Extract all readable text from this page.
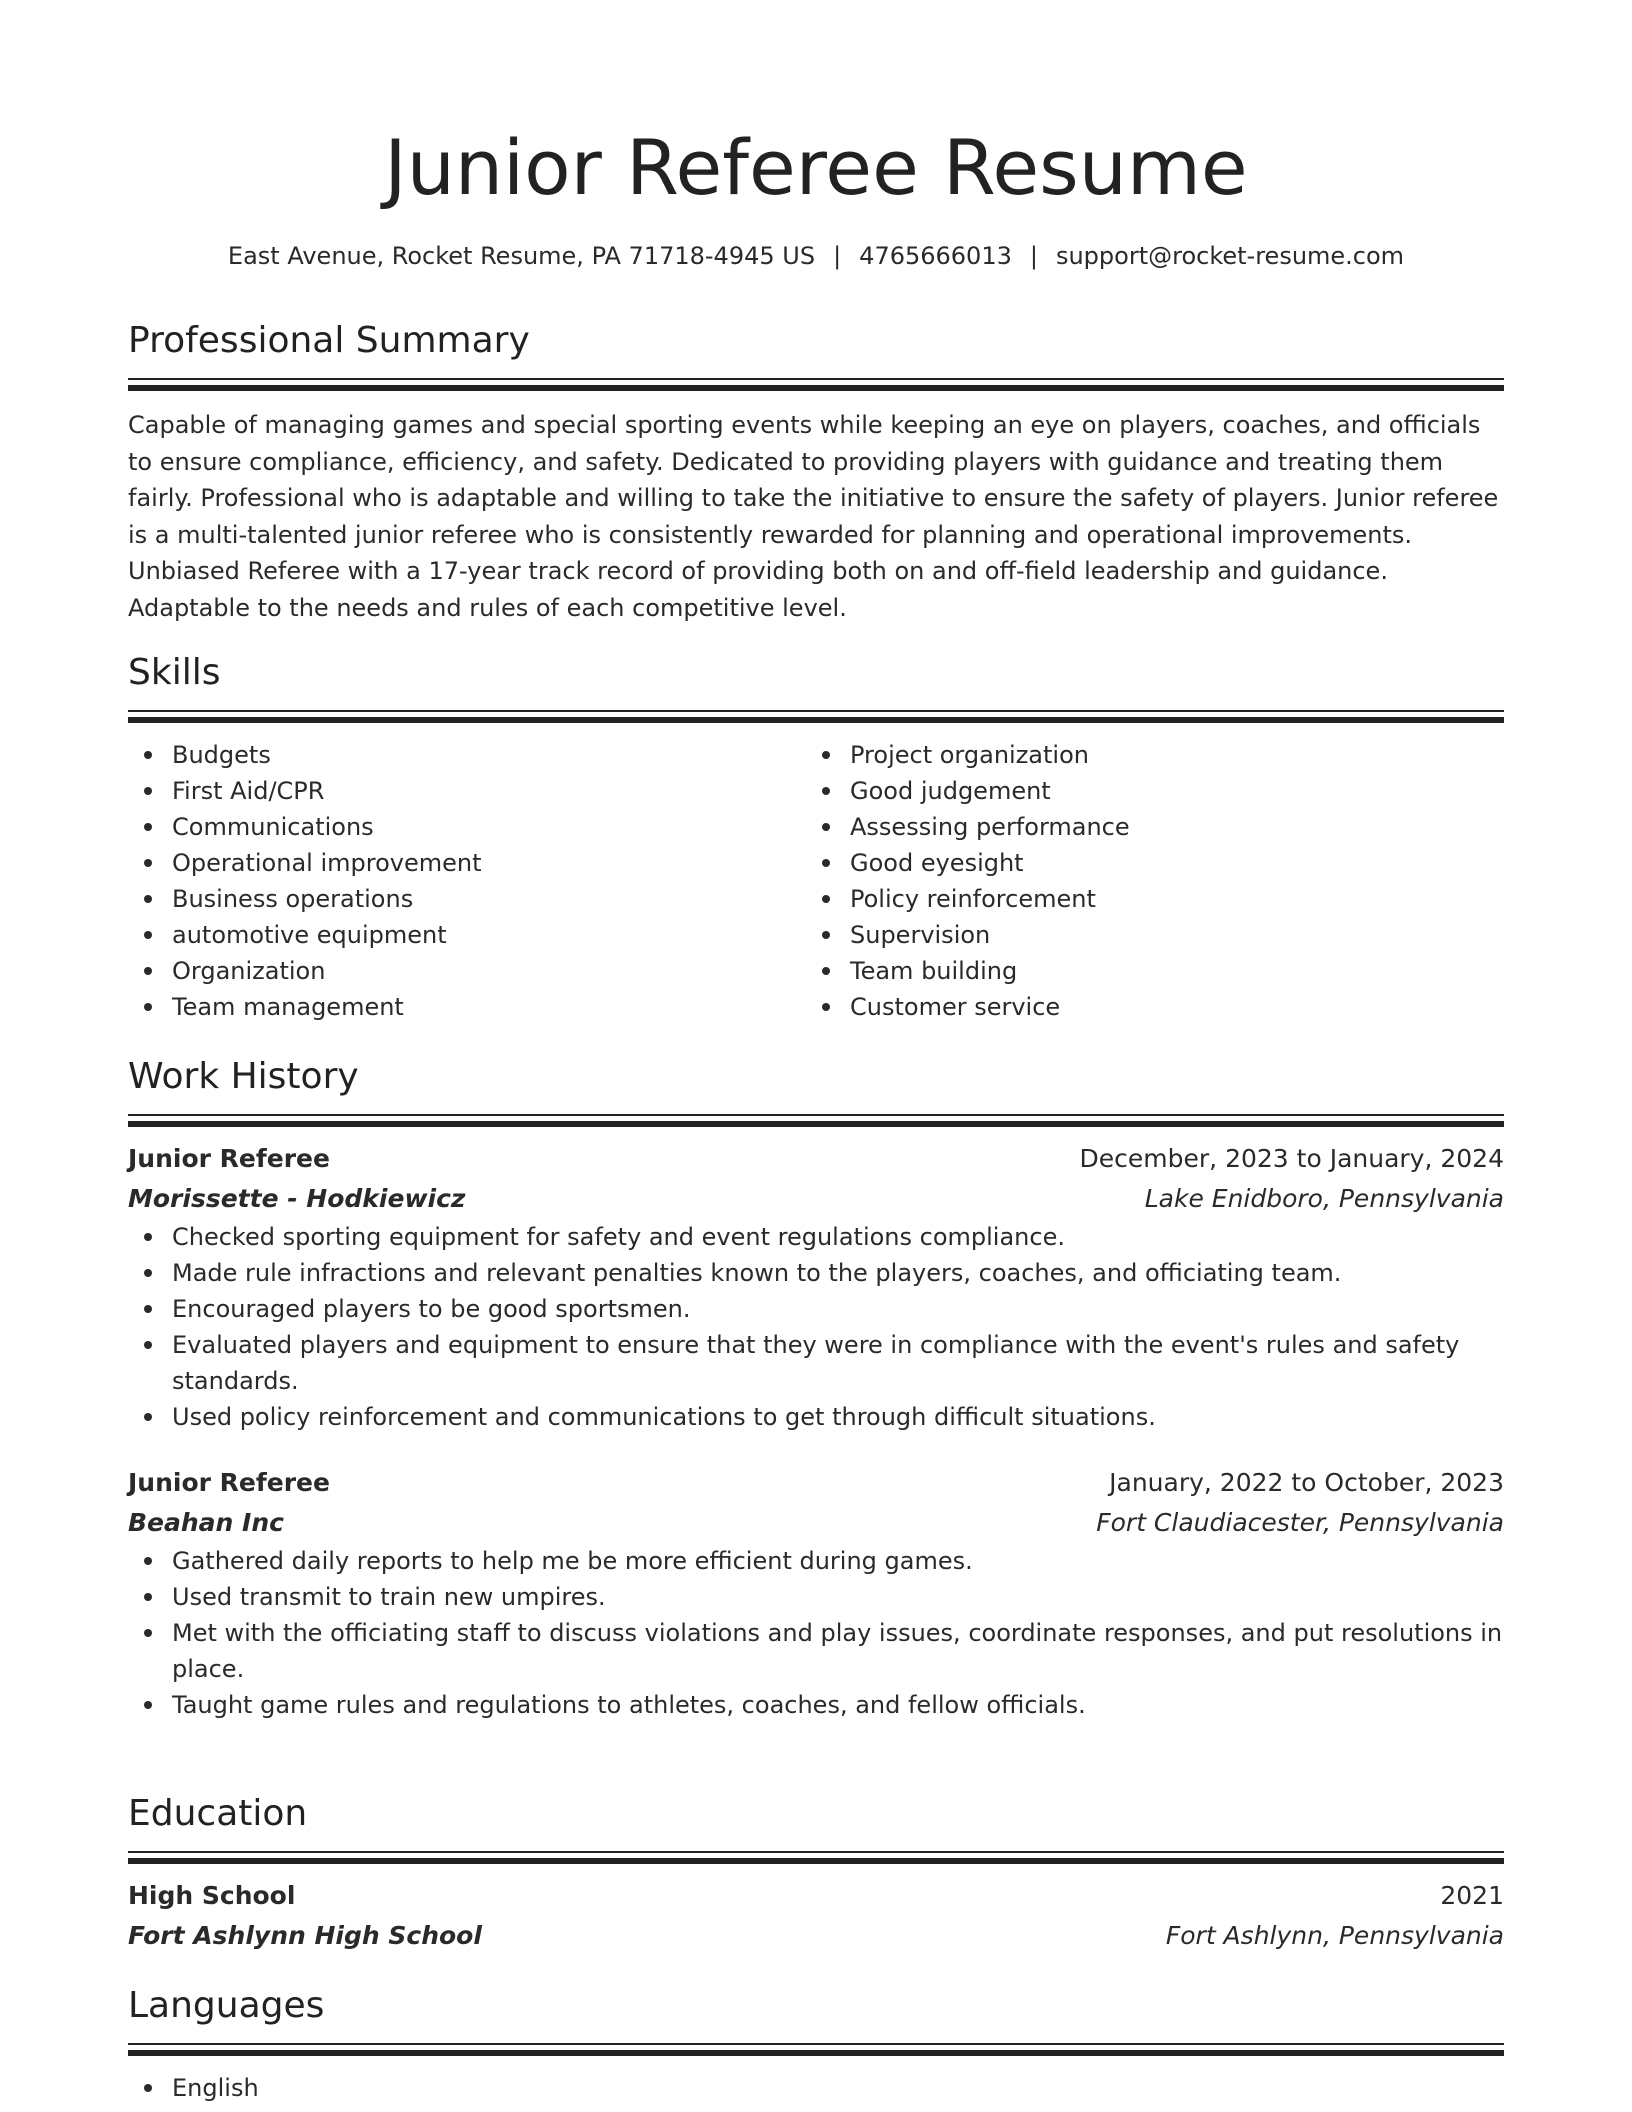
Junior Referee Resume
East Avenue, Rocket Resume, PA 71718-4945 US | 4765666013 | support@rocket-resume.com
Professional Summary
Capable of managing games and special sporting events while keeping an eye on players, coaches, and officials to ensure compliance, efficiency, and safety. Dedicated to providing players with guidance and treating them fairly. Professional who is adaptable and willing to take the initiative to ensure the safety of players. Junior referee is a multi-talented junior referee who is consistently rewarded for planning and operational improvements. Unbiased Referee with a 17-year track record of providing both on and off-field leadership and guidance. Adaptable to the needs and rules of each competitive level.
Skills
Budgets
First Aid/CPR
Communications
Operational improvement
Business operations
automotive equipment
Organization
Team management
Project organization
Good judgement
Assessing performance
Good eyesight
Policy reinforcement
Supervision
Team building
Customer service
Work History
Junior Referee	December, 2023 to January, 2024
Morissette - Hodkiewicz	Lake Enidboro, Pennsylvania
Checked sporting equipment for safety and event regulations compliance.
Made rule infractions and relevant penalties known to the players, coaches, and officiating team.
Encouraged players to be good sportsmen.
Evaluated players and equipment to ensure that they were in compliance with the event's rules and safety standards.
Used policy reinforcement and communications to get through difficult situations.
Junior Referee	January, 2022 to October, 2023
Beahan Inc	Fort Claudiacester, Pennsylvania
Gathered daily reports to help me be more efficient during games.
Used transmit to train new umpires.
Met with the officiating staff to discuss violations and play issues, coordinate responses, and put resolutions in place.
Taught game rules and regulations to athletes, coaches, and fellow officials.
Education
High School	2021
Fort Ashlynn High School	Fort Ashlynn, Pennsylvania
Languages
English
